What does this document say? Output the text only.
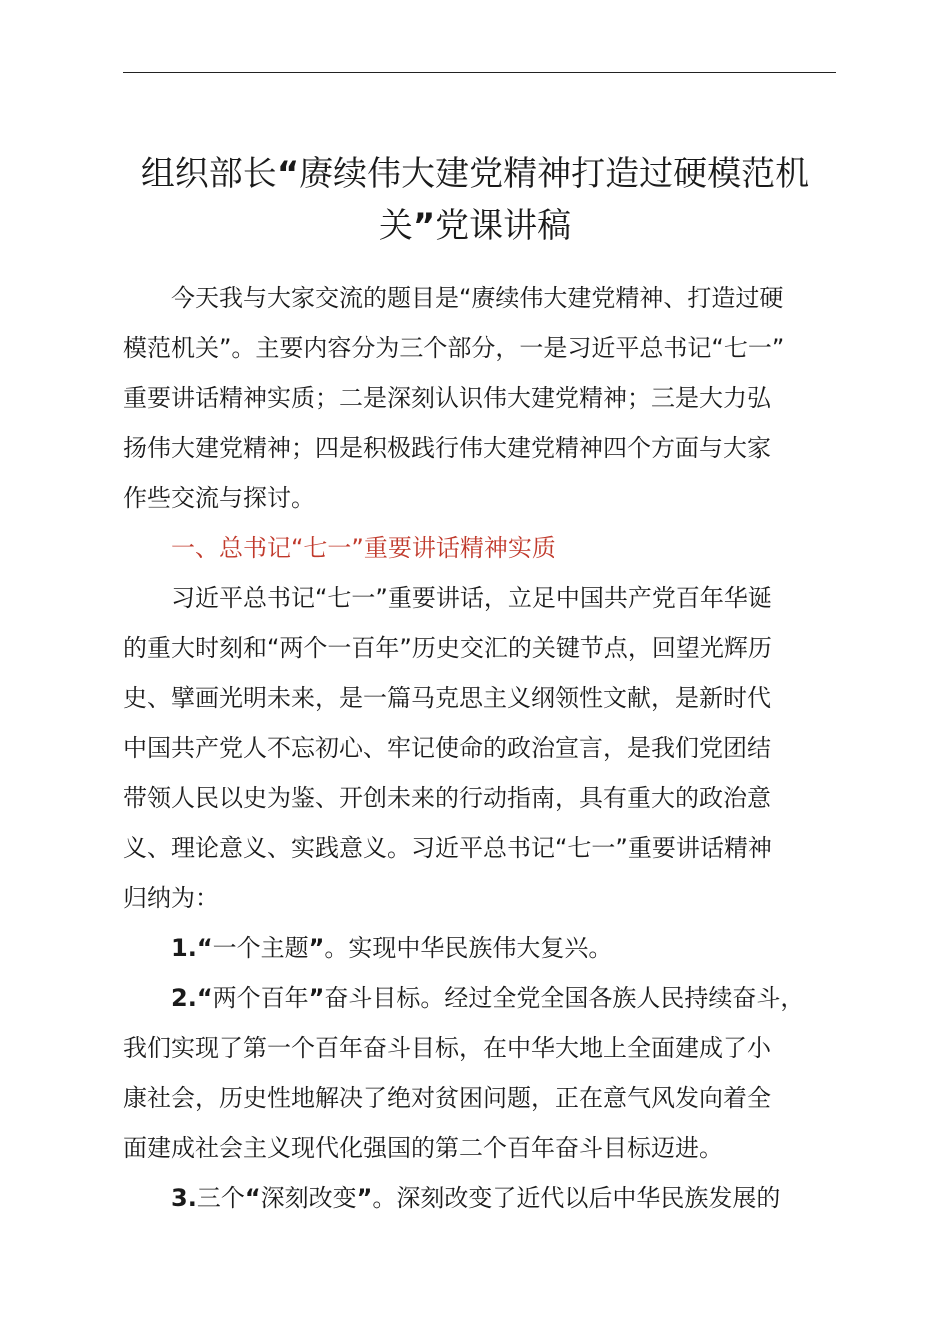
组织部长“赓续伟大建党精神打造过硬模范机
关”党课讲稿

今天我与大家交流的题目是“赓续伟大建党精神、打造过硬
模范机关”。主要内容分为三个部分，一是习近平总书记“七一”
重要讲话精神实质；二是深刻认识伟大建党精神；三是大力弘
扬伟大建党精神；四是积极践行伟大建党精神四个方面与大家
作些交流与探讨。

一、总书记“七一”重要讲话精神实质

习近平总书记“七一”重要讲话，立足中国共产党百年华诞
的重大时刻和“两个一百年”历史交汇的关键节点，回望光辉历
史、擘画光明未来，是一篇马克思主义纲领性文献，是新时代
中国共产党人不忘初心、牢记使命的政治宣言，是我们党团结
带领人民以史为鉴、开创未来的行动指南，具有重大的政治意
义、理论意义、实践意义。习近平总书记“七一”重要讲话精神
归纳为：

1.“一个主题”。实现中华民族伟大复兴。

2.“两个百年”奋斗目标。经过全党全国各族人民持续奋斗，
我们实现了第一个百年奋斗目标，在中华大地上全面建成了小
康社会，历史性地解决了绝对贫困问题，正在意气风发向着全
面建成社会主义现代化强国的第二个百年奋斗目标迈进。

3.三个“深刻改变”。深刻改变了近代以后中华民族发展的
